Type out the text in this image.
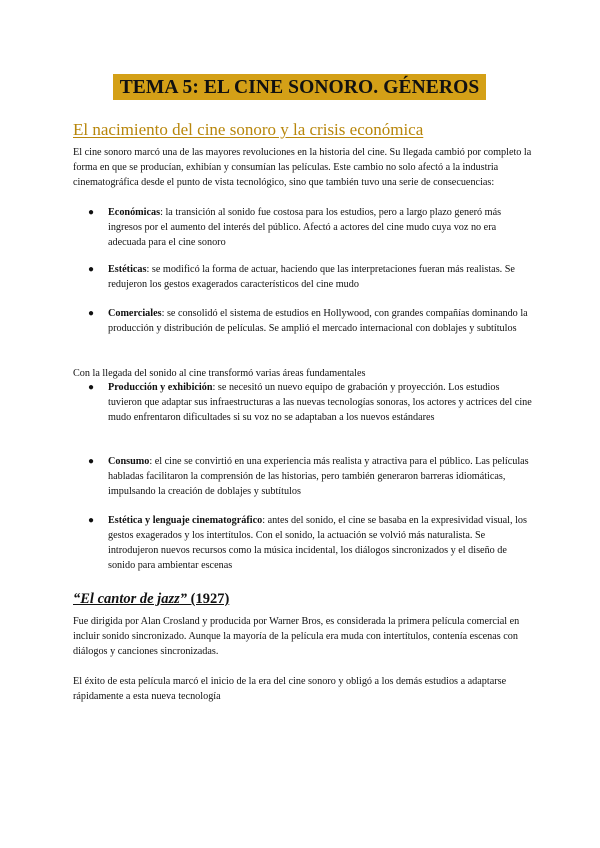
TEMA 5: EL CINE SONORO. GÉNEROS
El nacimiento del cine sonoro y la crisis económica
El cine sonoro marcó una de las mayores revoluciones en la historia del cine. Su llegada cambió por completo la forma en que se producían, exhibían y consumían las películas. Este cambio no solo afectó a la industria cinematográfica desde el punto de vista tecnológico, sino que también tuvo una serie de consecuencias:
● Económicas: la transición al sonido fue costosa para los estudios, pero a largo plazo generó más ingresos por el aumento del interés del público. Afectó a actores del cine mudo cuya voz no era adecuada para el cine sonoro
● Estéticas: se modificó la forma de actuar, haciendo que las interpretaciones fueran más realistas. Se redujeron los gestos exagerados característicos del cine mudo
● Comerciales: se consolidó el sistema de estudios en Hollywood, con grandes compañías dominando la producción y distribución de películas. Se amplió el mercado internacional con doblajes y subtítulos
Con la llegada del sonido al cine transformó varias áreas fundamentales
● Producción y exhibición: se necesitó un nuevo equipo de grabación y proyección. Los estudios tuvieron que adaptar sus infraestructuras a las nuevas tecnologías sonoras, los actores y actrices del cine mudo enfrentaron dificultades si su voz no se adaptaban a los nuevos estándares
● Consumo: el cine se convirtió en una experiencia más realista y atractiva para el público. Las películas habladas facilitaron la comprensión de las historias, pero también generaron barreras idiomáticas, impulsando la creación de doblajes y subtítulos
● Estética y lenguaje cinematográfico: antes del sonido, el cine se basaba en la expresividad visual, los gestos exagerados y los intertítulos. Con el sonido, la actuación se volvió más naturalista. Se introdujeron nuevos recursos como la música incidental, los diálogos sincronizados y el diseño de sonido para ambientar escenas
“El cantor de jazz” (1927)
Fue dirigida por Alan Crosland y producida por Warner Bros, es considerada la primera película comercial en incluir sonido sincronizado. Aunque la mayoría de la película era muda con intertítulos, contenía escenas con diálogos y canciones sincronizadas.
El éxito de esta película marcó el inicio de la era del cine sonoro y obligó a los demás estudios a adaptarse rápidamente a esta nueva tecnología
